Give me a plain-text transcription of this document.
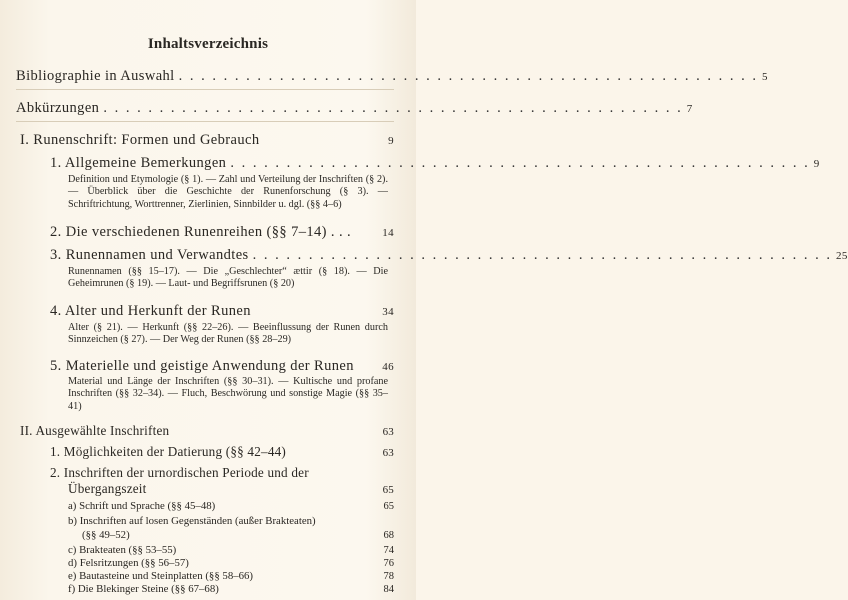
Inhaltsverzeichnis
Bibliographie in Auswahl . . . . . . . . . . . . . . . . . . . . . . . . . . . . . . . . . . . . . . . . . . . . . . . . . . . . 5
Abkürzungen . . . . . . . . . . . . . . . . . . . . . . . . . . . . . . . . . . . . . . . . . . . . . . . . . . . . 7
I. Runenschrift: Formen und Gebrauch	9
1. Allgemeine Bemerkungen . . . . . . . . . . . . . . . . . . . . . . . . . . . . . . . . . . . . . . . . . . . . . . . . . . . . 9
Definition und Etymologie (§ 1). — Zahl und Verteilung der Inschriften (§ 2). — Überblick über die Geschichte der Runenforschung (§ 3). — Schriftrichtung, Worttrenner, Zierlinien, Sinnbilder u. dgl. (§§ 4–6)
2. Die verschiedenen Runenreihen (§§ 7–14) . . .	14
3. Runennamen und Verwandtes . . . . . . . . . . . . . . . . . . . . . . . . . . . . . . . . . . . . . . . . . . . . . . . . . . . . 25
Runennamen (§§ 15–17). — Die „Geschlechter“ ættir (§ 18). — Die Geheimrunen (§ 19). — Laut- und Begriffsrunen (§ 20)
4. Alter und Herkunft der Runen	34
Alter (§ 21). — Herkunft (§§ 22–26). — Beeinflussung der Runen durch Sinnzeichen (§ 27). — Der Weg der Runen (§§ 28–29)
5. Materielle und geistige Anwendung der Runen	46
Material und Länge der Inschriften (§§ 30–31). — Kultische und profane Inschriften (§§ 32–34). — Fluch, Beschwörung und sonstige Magie (§§ 35–41)
II. Ausgewählte Inschriften	63
1. Möglichkeiten der Datierung (§§ 42–44)	63
2. Inschriften der urnordischen Periode und der
Übergangszeit	65
a) Schrift und Sprache (§§ 45–48)	65
b) Inschriften auf losen Gegenständen (außer Brakteaten)
(§§ 49–52)	68
c) Brakteaten (§§ 53–55)	74
d) Felsritzungen (§§ 56–57)	76
e) Bautasteine und Steinplatten (§§ 58–66)	78
f) Die Blekinger Steine (§§ 67–68)	84
